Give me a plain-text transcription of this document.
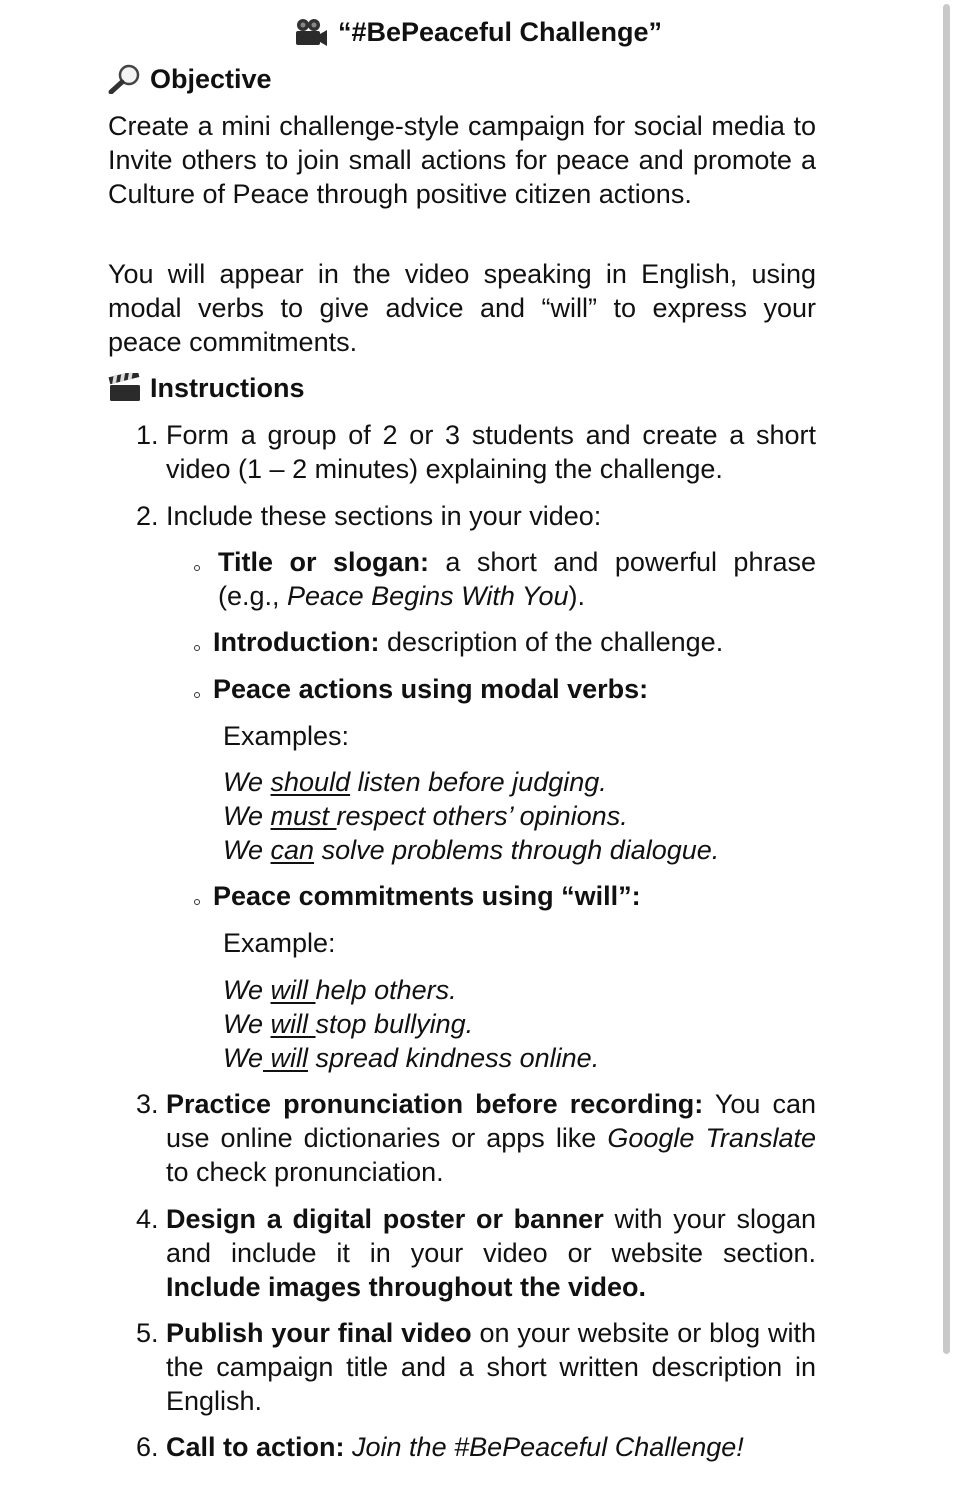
“#BePeaceful Challenge”
Objective

Create a mini challenge-style campaign for social media to Invite others to join small actions for peace and promote a Culture of Peace through positive citizen actions.

You will appear in the video speaking in English, using modal verbs to give advice and “will” to express your peace commitments.

Instructions
1. Form a group of 2 or 3 students and create a short video (1 – 2 minutes) explaining the challenge.
2. Include these sections in your video:
Title or slogan: a short and powerful phrase (e.g., Peace Begins With You).
Introduction: description of the challenge.
Peace actions using modal verbs:
Examples:
We should listen before judging.
We must respect others’ opinions.
We can solve problems through dialogue.
Peace commitments using “will”:
Example:
We will help others.
We will stop bullying.
We will spread kindness online.
3. Practice pronunciation before recording: You can use online dictionaries or apps like Google Translate to check pronunciation.
4. Design a digital poster or banner with your slogan and include it in your video or website section. Include images throughout the video.
5. Publish your final video on your website or blog with the campaign title and a short written description in English.
6. Call to action: Join the #BePeaceful Challenge!
